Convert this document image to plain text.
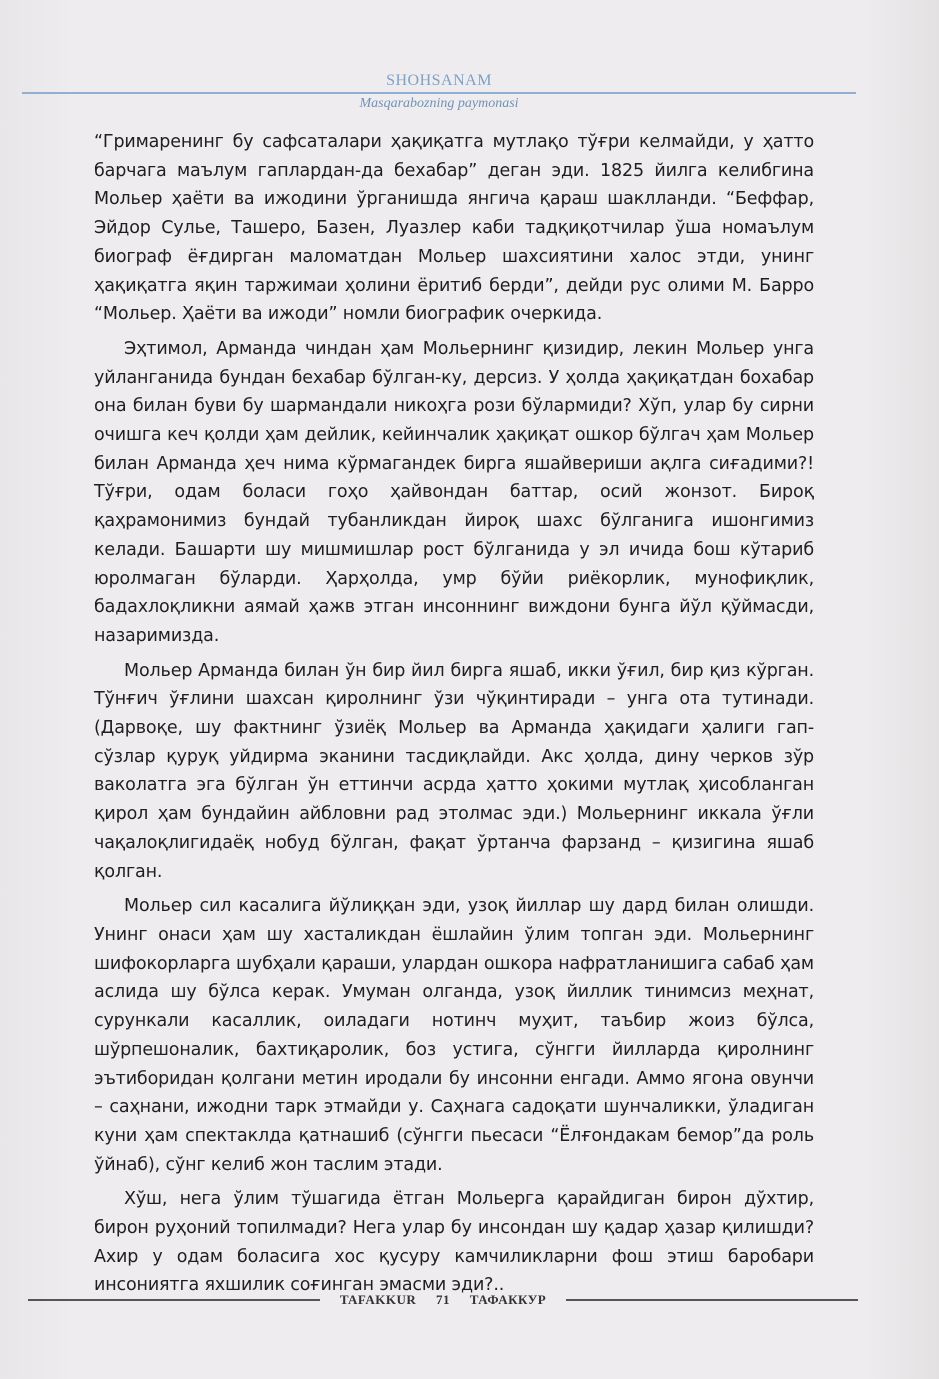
SHOHSANAM
Masqarabozning paymonasi

“Гримаренинг бу сафсаталари ҳақиқатга мутлақо тўғри келмайди, у ҳатто барчага маълум гаплардан-да бехабар” деган эди. 1825 йилга келибгина Мольер ҳаёти ва ижодини ўрганишда янгича қараш шаклланди. “Беффар, Эйдор Сулье, Ташеро, Базен, Луазлер каби тадқиқотчилар ўша номаълум биограф ёғдирган маломатдан Мольер шахсиятини халос этди, унинг ҳақиқатга яқин таржимаи ҳолини ёритиб берди”, дейди рус олими М. Барро “Мольер. Ҳаёти ва ижоди” номли биографик очеркида.

Эҳтимол, Арманда чиндан ҳам Мольернинг қизидир, лекин Мольер унга уйланганида бундан бехабар бўлган-ку, дерсиз. У ҳолда ҳақиқатдан бохабар она билан буви бу шармандали никоҳга рози бўлармиди? Хўп, улар бу сирни очишга кеч қолди ҳам дейлик, кейинчалик ҳақиқат ошкор бўлгач ҳам Мольер билан Арманда ҳеч нима кўрмагандек бирга яшайвериши ақлга сиғадими?! Тўғри, одам боласи гоҳо ҳайвондан баттар, осий жонзот. Бироқ қаҳрамонимиз бундай тубанликдан йироқ шахс бўлганига ишонгимиз келади. Башарти шу мишмишлар рост бўлганида у эл ичида бош кўтариб юролмаган бўларди. Ҳарҳолда, умр бўйи риёкорлик, мунофиқлик, бадахлоқликни аямай ҳажв этган инсоннинг виждони бунга йўл қўймасди, назаримизда.

Мольер Арманда билан ўн бир йил бирга яшаб, икки ўғил, бир қиз кўрган. Тўнғич ўғлини шахсан қиролнинг ўзи чўқинтиради – унга ота тутинади. (Дарвоқе, шу фактнинг ўзиёқ Мольер ва Арманда ҳақидаги ҳалиги гап-сўзлар қуруқ уйдирма эканини тасдиқлайди. Акс ҳолда, дину черков зўр ваколатга эга бўлган ўн еттинчи асрда ҳатто ҳокими мутлақ ҳисобланган қирол ҳам бундайин айбловни рад этолмас эди.) Мольернинг иккала ўғли чақалоқлигидаёқ нобуд бўлган, фақат ўртанча фарзанд – қизигина яшаб қолган.

Мольер сил касалига йўлиққан эди, узоқ йиллар шу дард билан олишди. Унинг онаси ҳам шу хасталикдан ёшлайин ўлим топган эди. Мольернинг шифокорларга шубҳали қараши, улардан ошкора нафратланишига сабаб ҳам аслида шу бўлса керак. Умуман олганда, узоқ йиллик тинимсиз меҳнат, сурункали касаллик, оиладаги нотинч муҳит, таъбир жоиз бўлса, шўрпешоналик, бахтиқаролик, боз устига, сўнгги йилларда қиролнинг эътиборидан қолгани метин иродали бу инсонни енгади. Аммо ягона овунчи – саҳнани, ижодни тарк этмайди у. Саҳнага садоқати шунчаликки, ўладиган куни ҳам спектаклда қатнашиб (сўнгги пьесаси “Ёлғондакам бемор”да роль ўйнаб), сўнг келиб жон таслим этади.

Хўш, нега ўлим тўшагида ётган Мольерга қарайдиган бирон дўхтир, бирон руҳоний топилмади? Нега улар бу инсондан шу қадар ҳазар қилишди? Ахир у одам боласига хос қусуру камчиликларни фош этиш баробари инсониятга яхшилик соғинган эмасми эди?..

TAFAKKUR 71 ТАФАККУР
